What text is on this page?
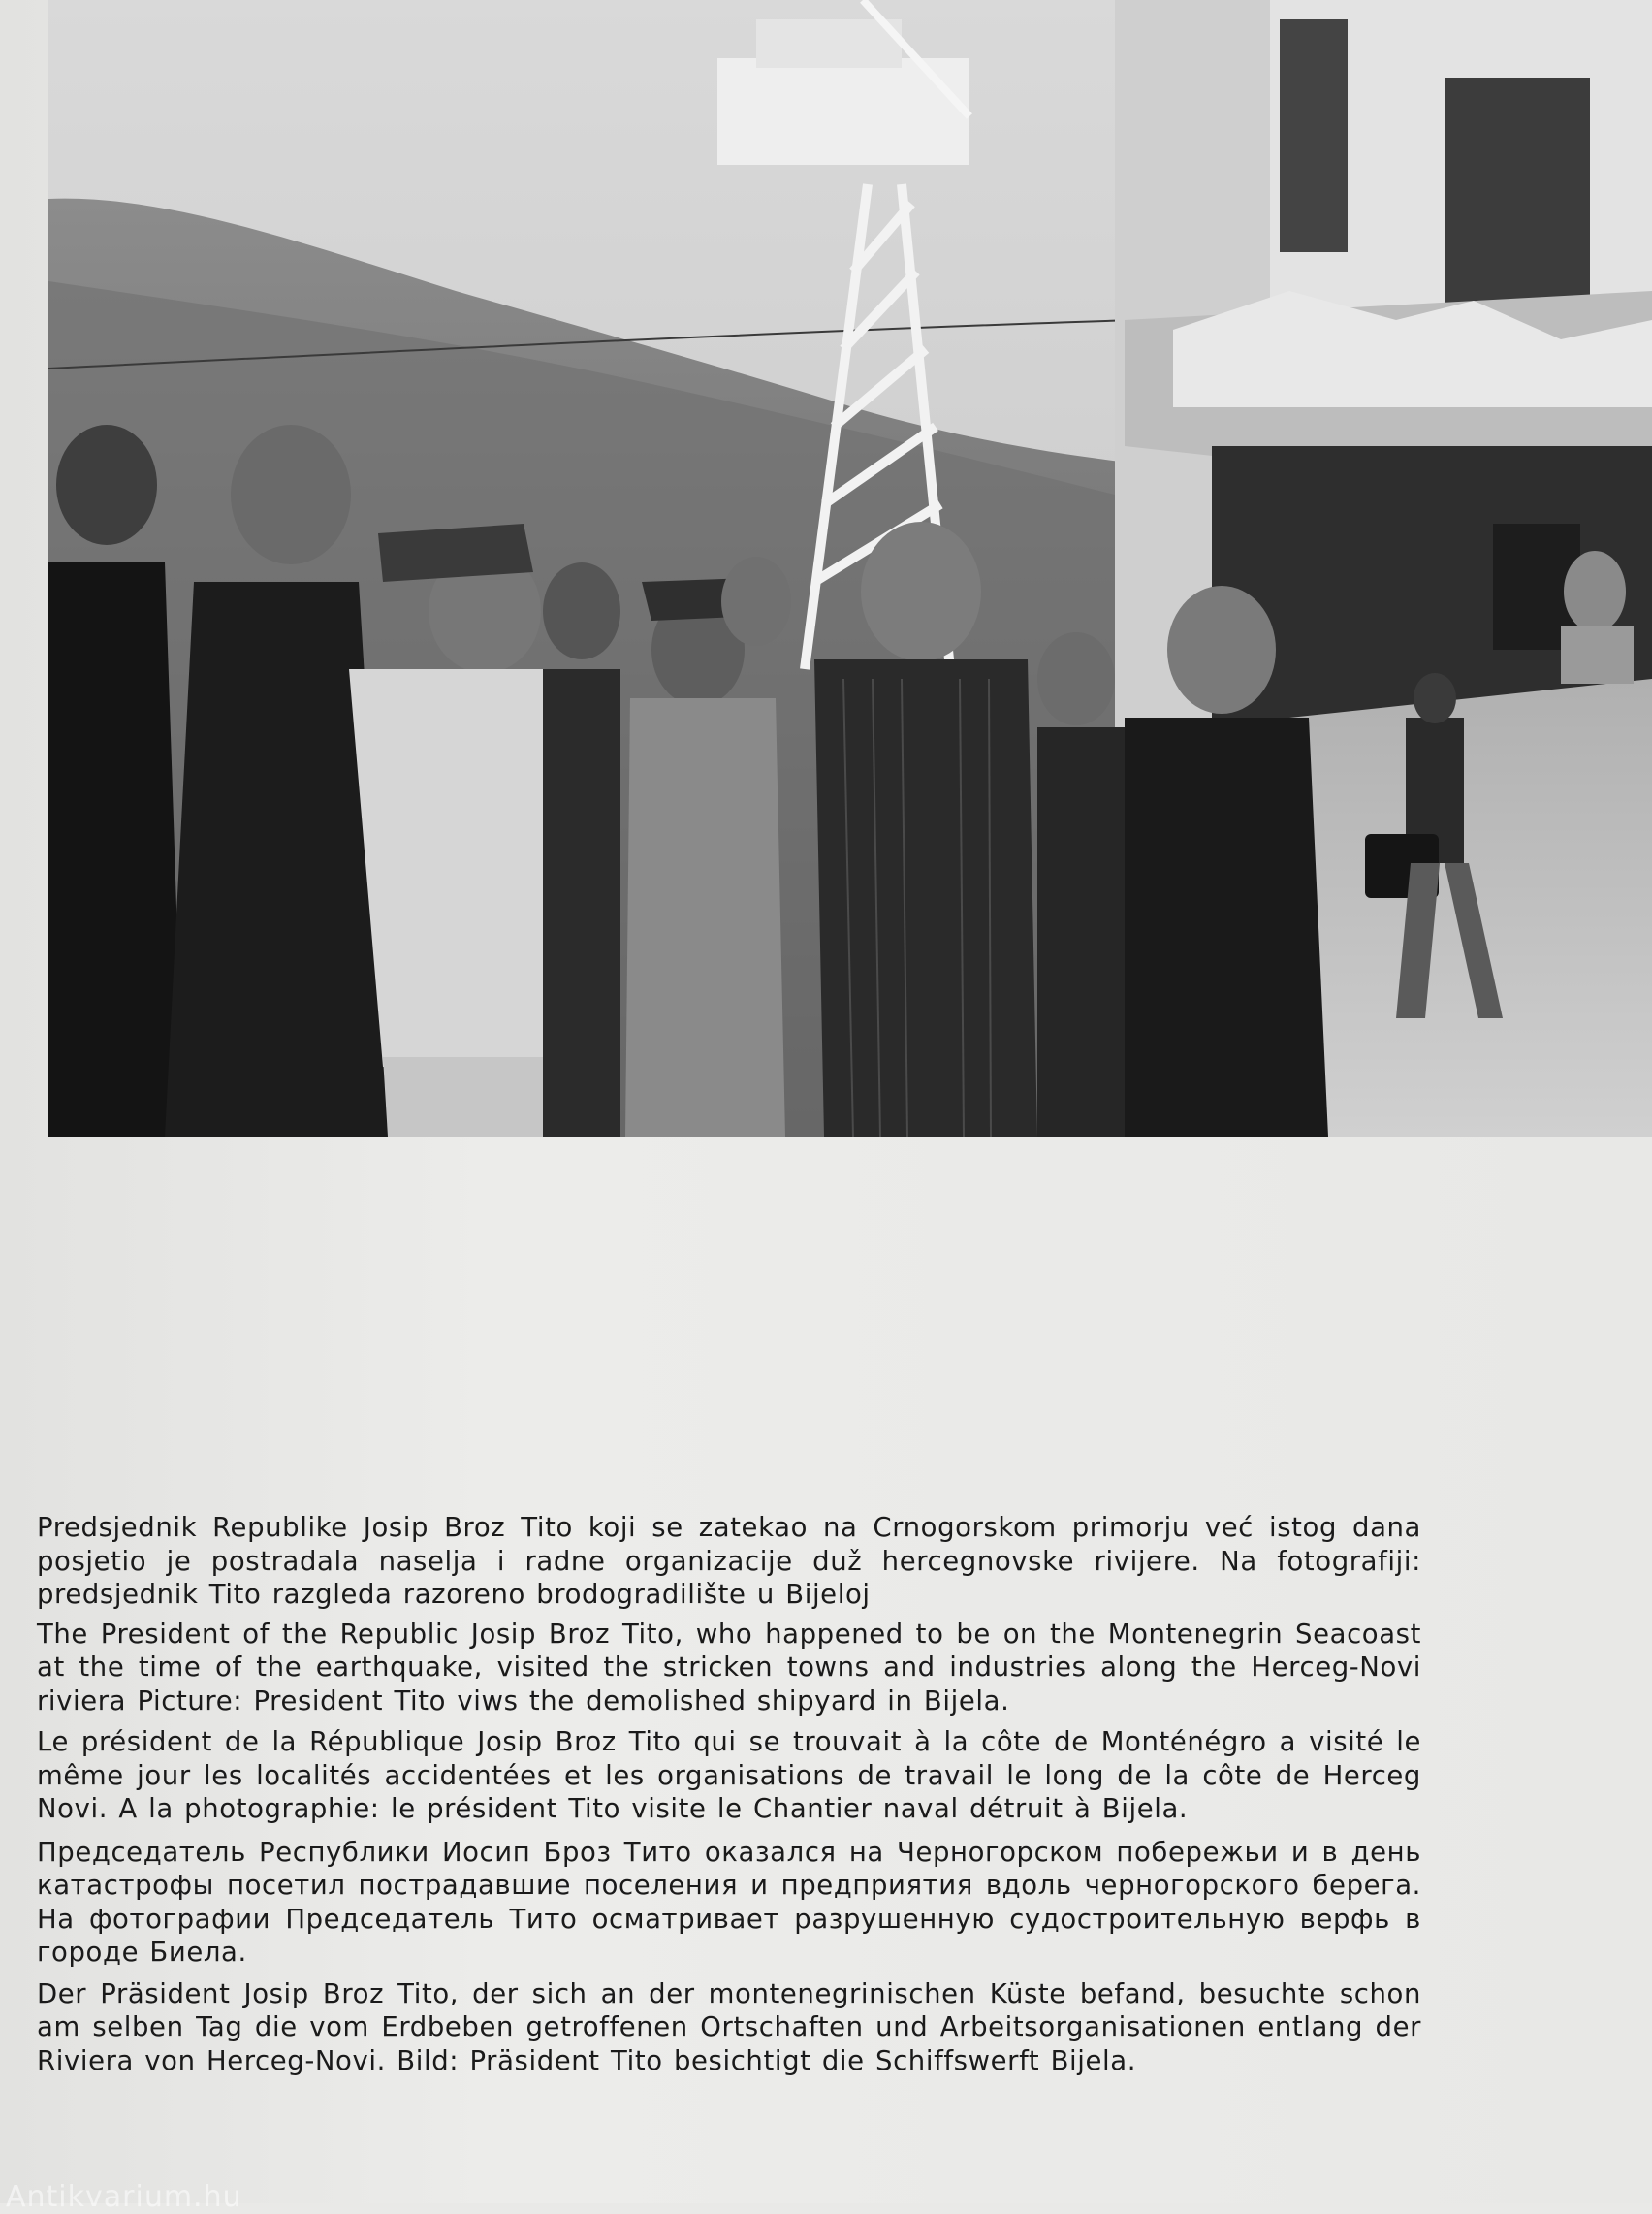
Predsjednik Republike Josip Broz Tito koji se zatekao na Crnogorskom primorju već istog dana posjetio je postradala naselja i radne organizacije duž hercegnovske rivijere. Na fotografiji: predsjednik Tito razgleda razoreno brodogradilište u Bijeloj

The President of the Republic Josip Broz Tito, who happened to be on the Montenegrin Seacoast at the time of the earthquake, visited the stricken towns and industries along the Herceg-Novi riviera Picture: President Tito viws the demolished shipyard in Bijela.

Le président de la République Josip Broz Tito qui se trouvait à la côte de Monténégro a visité le même jour les localités accidentées et les organisations de travail le long de la côte de Herceg Novi. A la photographie: le président Tito visite le Chantier naval détruit à Bijela.

Председатель Республики Иосип Броз Тито оказался на Черногорском побережьи и в день катастрофы посетил пострадавшие поселения и предприятия вдоль черногорского берега. На фотографии Председатель Тито осматривает разрушенную судостроительную верфь в городе Биела.

Der Präsident Josip Broz Tito, der sich an der montenegrinischen Küste befand, besuchte schon am selben Tag die vom Erdbeben getroffenen Ortschaften und Arbeitsorganisationen entlang der Riviera von Herceg-Novi. Bild: Präsident Tito besichtigt die Schiffswerft Bijela.

Antikvarium.hu
